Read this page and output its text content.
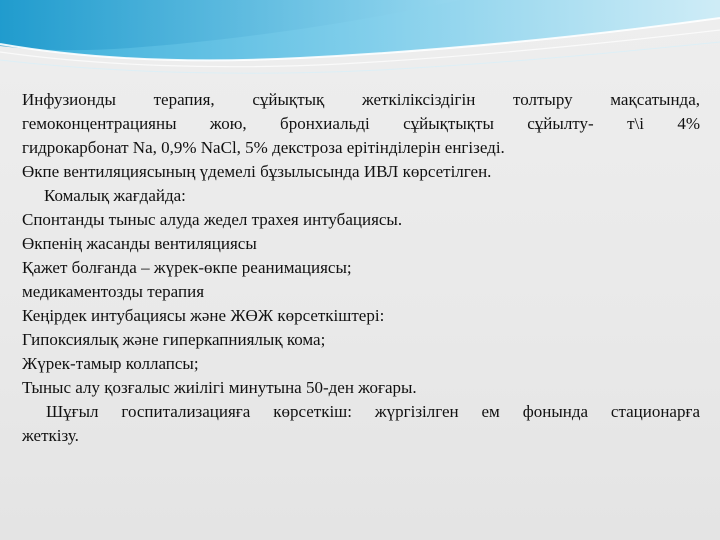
Инфузионды терапия, сұйықтық жеткіліксіздігін толтыру мақсатында,
гемоконцентрацияны жою, бронхиальді сұйықтықты сұйылту- т\і 4%
гидрокарбонат Na, 0,9% NaCl, 5% декстроза ерітінділерін енгізеді.
Өкпе вентиляциясының үдемелі бұзылысында ИВЛ көрсетілген.
Комалық жағдайда:
Спонтанды тыныс алуда жедел трахея интубациясы.
Өкпенің жасанды вентиляциясы
Қажет болғанда – жүрек-өкпе реанимациясы;
медикаментозды терапия
Кеңірдек интубациясы және ЖӨЖ көрсеткіштері:
Гипоксиялық және гиперкапниялық кома;
Жүрек-тамыр коллапсы;
Тыныс алу қозғалыс жиілігі минутына 50-ден жоғары.
Шұғыл госпитализацияға көрсеткіш: жүргізілген ем фонында стационарға
жеткізу.
